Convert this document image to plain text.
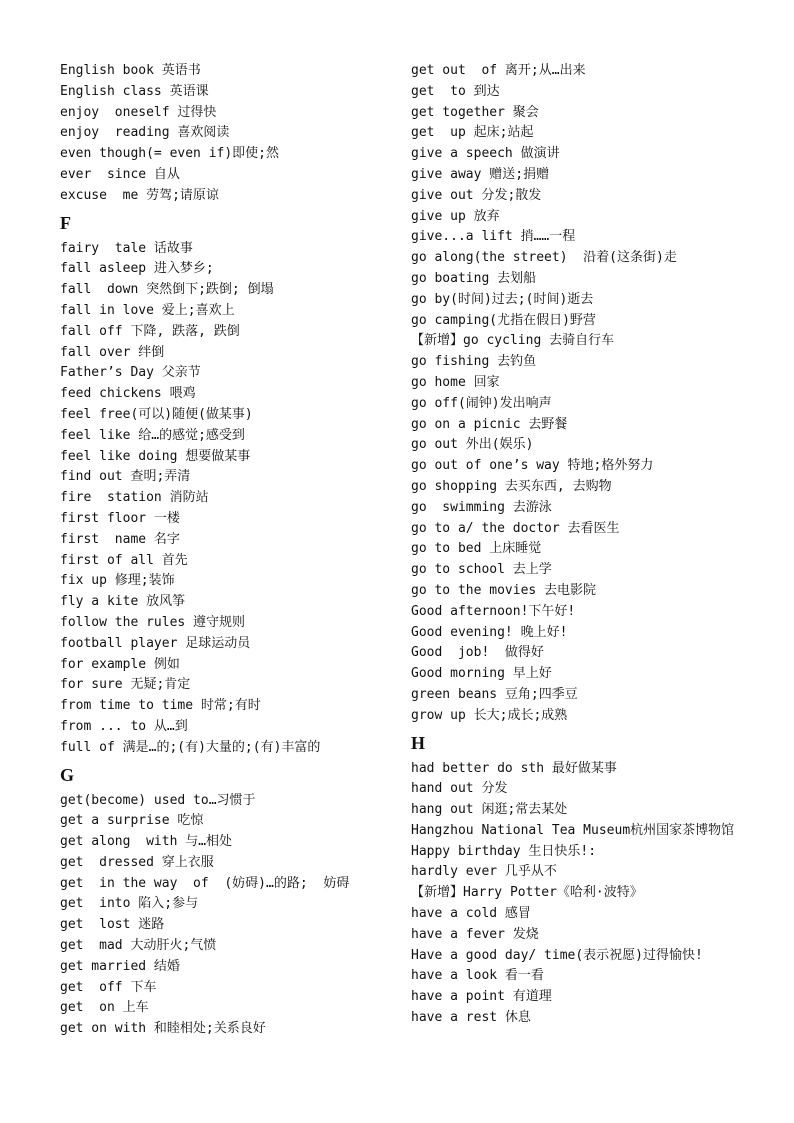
English book 英语书
English class 英语课
enjoy  oneself 过得快
enjoy  reading 喜欢阅读
even though(= even if)即使;然
ever  since 自从
excuse  me 劳驾;请原谅
F
fairy  tale 话故事
fall asleep 进入梦乡;
fall  down 突然倒下;跌倒; 倒塌
fall in love 爱上;喜欢上
fall off 下降, 跌落, 跌倒
fall over 绊倒
Father’s Day 父亲节
feed chickens 喂鸡
feel free(可以)随便(做某事)
feel like 给…的感觉;感受到
feel like doing 想要做某事
find out 查明;弄清
fire  station 消防站
first floor 一楼
first  name 名字
first of all 首先
fix up 修理;装饰
fly a kite 放风筝
follow the rules 遵守规则
football player 足球运动员
for example 例如
for sure 无疑;肯定
from time to time 时常;有时
from ... to 从…到
full of 满是…的;(有)大量的;(有)丰富的
G
get(become) used to…习惯于
get a surprise 吃惊
get along  with 与…相处
get  dressed 穿上衣服
get  in the way  of  (妨碍)…的路;  妨碍
get  into 陷入;参与
get  lost 迷路
get  mad 大动肝火;气愤
get married 结婚
get  off 下车
get  on 上车
get on with 和睦相处;关系良好
get out  of 离开;从…出来
get  to 到达
get together 聚会
get  up 起床;站起
give a speech 做演讲
give away 赠送;捐赠
give out 分发;散发
give up 放弃
give...a lift 捎……一程
go along(the street)  沿着(这条街)走
go boating 去划船
go by(时间)过去;(时间)逝去
go camping(尤指在假日)野营
【新增】go cycling 去骑自行车
go fishing 去钓鱼
go home 回家
go off(闹钟)发出响声
go on a picnic 去野餐
go out 外出(娱乐)
go out of one’s way 特地;格外努力
go shopping 去买东西, 去购物
go  swimming 去游泳
go to a/ the doctor 去看医生
go to bed 上床睡觉
go to school 去上学
go to the movies 去电影院
Good afternoon!下午好!
Good evening! 晚上好!
Good  job!  做得好
Good morning 早上好
green beans 豆角;四季豆
grow up 长大;成长;成熟
H
had better do sth 最好做某事
hand out 分发
hang out 闲逛;常去某处
Hangzhou National Tea Museum杭州国家茶博物馆
Happy birthday 生日快乐!:
hardly ever 几乎从不
【新增】Harry Potter《哈利·波特》
have a cold 感冒
have a fever 发烧
Have a good day/ time(表示祝愿)过得愉快!
have a look 看一看
have a point 有道理
have a rest 休息
